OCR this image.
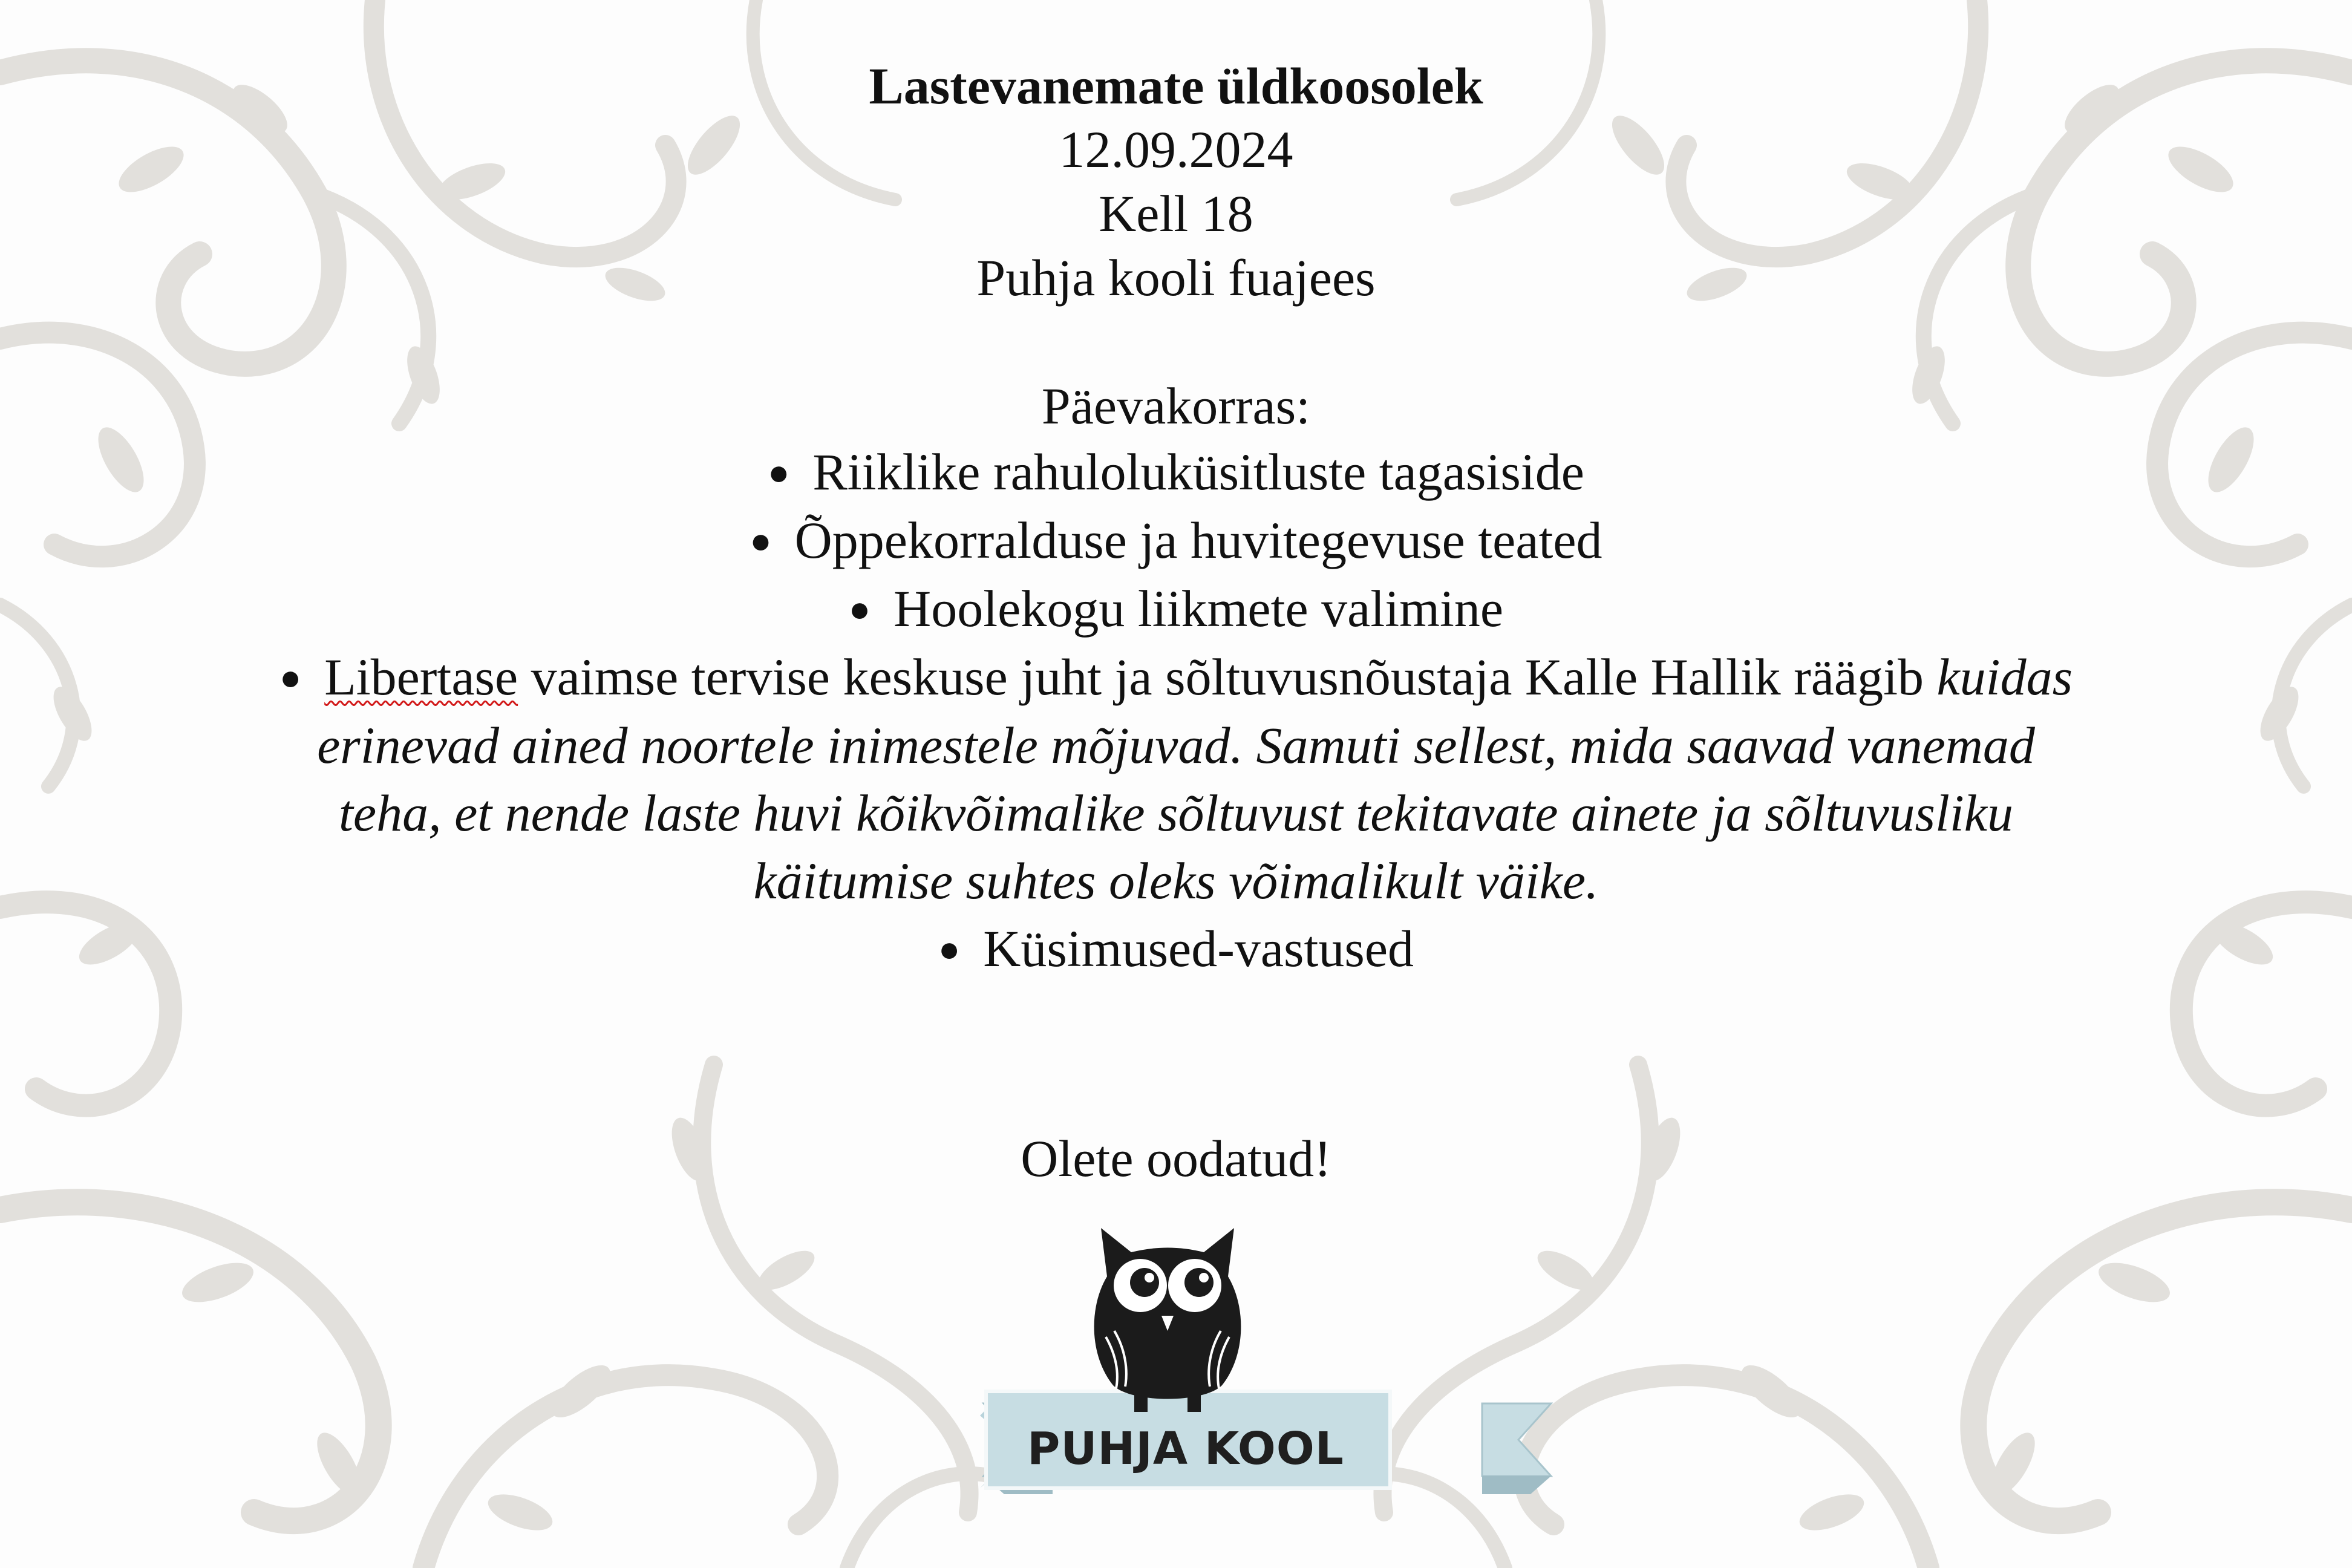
Lastevanemate üldkoosolek

12.09.2024

Kell 18

Puhja kooli fuajees

Päevakorras:

● Riiklike rahuloluküsitluste tagasiside
● Õppekorralduse ja huvitegevuse teated
● Hoolekogu liikmete valimine
● Libertase vaimse tervise keskuse juht ja sõltuvusnõustaja Kalle Hallik räägib kuidas erinevad ained noortele inimestele mõjuvad. Samuti sellest, mida saavad vanemad teha, et nende laste huvi kõikvõimalike sõltuvust tekitavate ainete ja sõltuvusliku käitumise suhtes oleks võimalikult väike.
● Küsimused-vastused

Olete oodatud!

PUHJA KOOL
